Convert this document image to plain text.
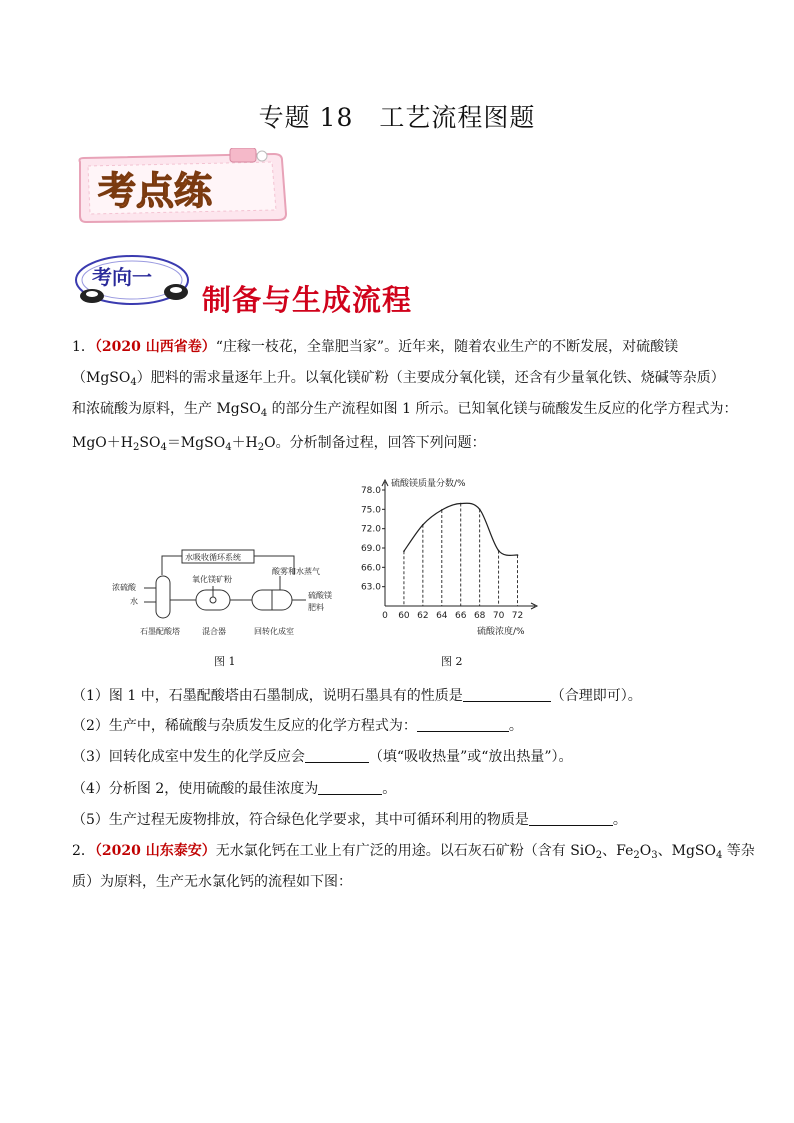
专题 18 工艺流程图题
考点练
考向一
制备与生成流程
1．（2020 山西省卷）“庄稼一枝花，全靠肥当家”。近年来，随着农业生产的不断发展，对硫酸镁
（MgSO$_4$）肥料的需求量逐年上升。以氧化镁矿粉（主要成分氧化镁，还含有少量氧化铁、烧碱等杂质）
和浓硫酸为原料，生产 MgSO$_4$ 的部分生产流程如图 1 所示。已知氧化镁与硫酸发生反应的化学方程式为：
$MgO+H_2SO_4=MgSO_4+H_2O$。分析制备过程，回答下列问题：
水吸收循环系统
氧化镁矿粉
酸雾和水蒸气
浓硫酸
水
硫酸镁
肥料
石墨配酸塔	混合器	回转化成室
图 1
硫酸镁质量分数/%
硫酸浓度/%
63.0
66.0
69.0
72.0
75.0
78.0
0 60 62 64 66 68 70 72
图 2
（1）图 1 中，石墨配酸塔由石墨制成，说明石墨具有的性质是	（合理即可）。
（2）生产中，稀硫酸与杂质发生反应的化学方程式为：	。
（3）回转化成室中发生的化学反应会	（填“吸收热量”或“放出热量”）。
（4）分析图 2，使用硫酸的最佳浓度为	。
（5）生产过程无废物排放，符合绿色化学要求，其中可循环利用的物质是	。
2．（2020 山东泰安）无水氯化钙在工业上有广泛的用途。以石灰石矿粉（含有 SiO$_2$、$Fe_2O_3$、MgSO$_4$ 等杂
质）为原料，生产无水氯化钙的流程如下图：
